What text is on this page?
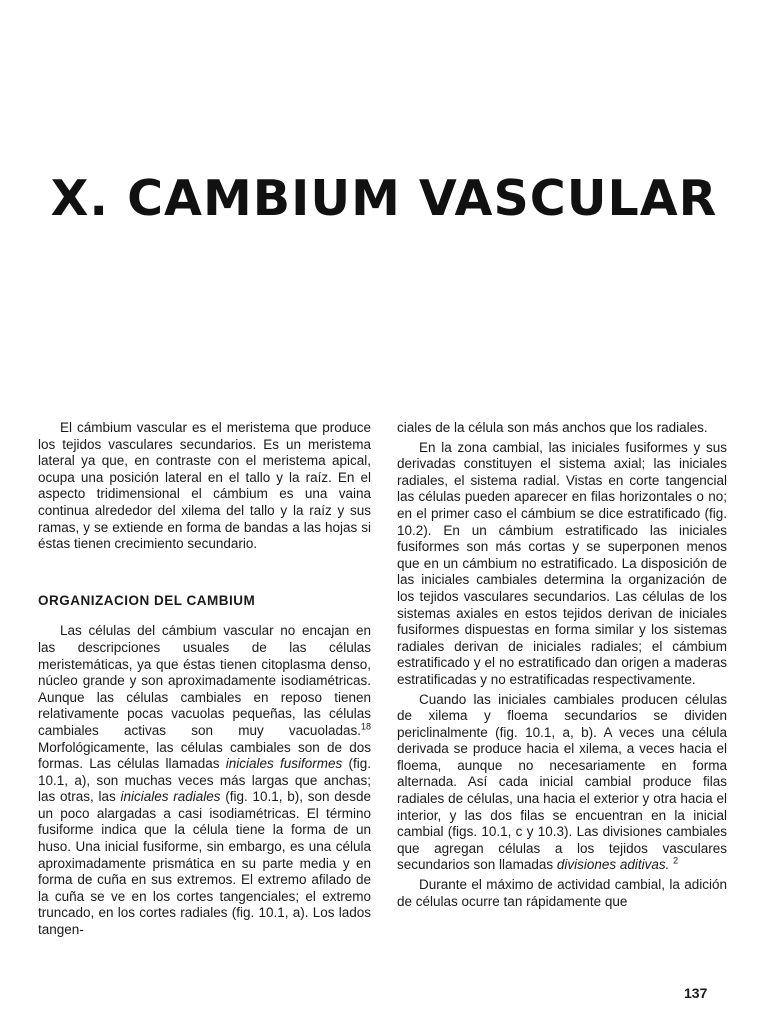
X. CAMBIUM VASCULAR

El cámbium vascular es el meristema que produce los tejidos vasculares secundarios. Es un meristema lateral ya que, en contraste con el meristema apical, ocupa una posición lateral en el tallo y la raíz. En el aspecto tridimensional el cámbium es una vaina continua alrededor del xilema del tallo y la raíz y sus ramas, y se extiende en forma de bandas a las hojas si éstas tienen crecimiento secundario.

ORGANIZACION DEL CAMBIUM

Las células del cámbium vascular no encajan en las descripciones usuales de las células meristemáticas, ya que éstas tienen citoplasma denso, núcleo grande y son aproximadamente isodiamétricas. Aunque las células cambiales en reposo tienen relativamente pocas vacuolas pequeñas, las células cambiales activas son muy vacuoladas.$^{18}$ Morfológicamente, las células cambiales son de dos formas. Las células llamadas iniciales fusiformes (fig. 10.1, a), son muchas veces más largas que anchas; las otras, las iniciales radiales (fig. 10.1, b), son desde un poco alargadas a casi isodiamétricas. El término fusiforme indica que la célula tiene la forma de un huso. Una inicial fusiforme, sin embargo, es una célula aproximadamente prismática en su parte media y en forma de cuña en sus extremos. El extremo afilado de la cuña se ve en los cortes tangenciales; el extremo truncado, en los cortes radiales (fig. 10.1, a). Los lados tangen-

ciales de la célula son más anchos que los radiales.

En la zona cambial, las iniciales fusiformes y sus derivadas constituyen el sistema axial; las iniciales radiales, el sistema radial. Vistas en corte tangencial las células pueden aparecer en filas horizontales o no; en el primer caso el cámbium se dice estratificado (fig. 10.2). En un cámbium estratificado las iniciales fusiformes son más cortas y se superponen menos que en un cámbium no estratificado. La disposición de las iniciales cambiales determina la organización de los tejidos vasculares secundarios. Las células de los sistemas axiales en estos tejidos derivan de iniciales fusiformes dispuestas en forma similar y los sistemas radiales derivan de iniciales radiales; el cámbium estratificado y el no estratificado dan origen a maderas estratificadas y no estratificadas respectivamente.

Cuando las iniciales cambiales producen células de xilema y floema secundarios se dividen periclinalmente (fig. 10.1, a, b). A veces una célula derivada se produce hacia el xilema, a veces hacia el floema, aunque no necesariamente en forma alternada. Así cada inicial cambial produce filas radiales de células, una hacia el exterior y otra hacia el interior, y las dos filas se encuentran en la inicial cambial (figs. 10.1, c y 10.3). Las divisiones cambiales que agregan células a los tejidos vasculares secundarios son llamadas divisiones aditivas. $^2$

Durante el máximo de actividad cambial, la adición de células ocurre tan rápidamente que

137
